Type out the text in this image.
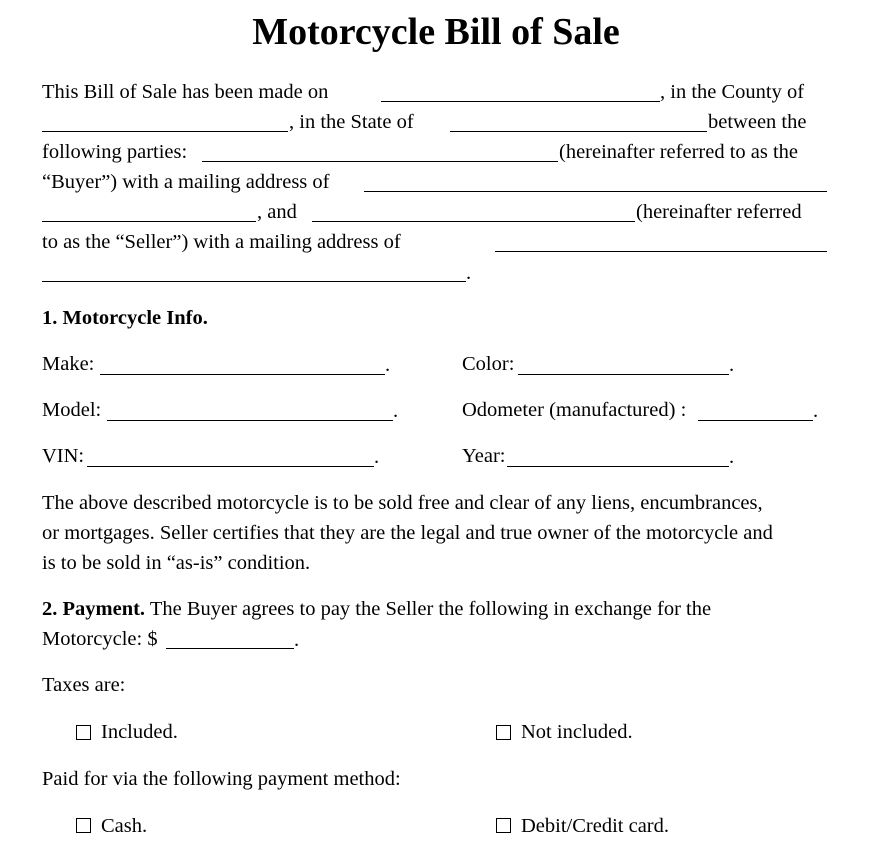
Motorcycle Bill of Sale
This Bill of Sale has been made on	, in the County of
, in the State of	between the
following parties:	(hereinafter referred to as the
“Buyer”) with a mailing address of
, and	(hereinafter referred
to as the “Seller”) with a mailing address of
.
1. Motorcycle Info.
Make:	.	Color:	.
Model:	.	Odometer (manufactured) :	.
VIN:	.	Year:	.
The above described motorcycle is to be sold free and clear of any liens, encumbrances,
or mortgages. Seller certifies that they are the legal and true owner of the motorcycle and
is to be sold in “as-is” condition.
2. Payment. The Buyer agrees to pay the Seller the following in exchange for the
Motorcycle: $	.
Taxes are:
Included.	Not included.
Paid for via the following payment method:
Cash.	Debit/Credit card.
